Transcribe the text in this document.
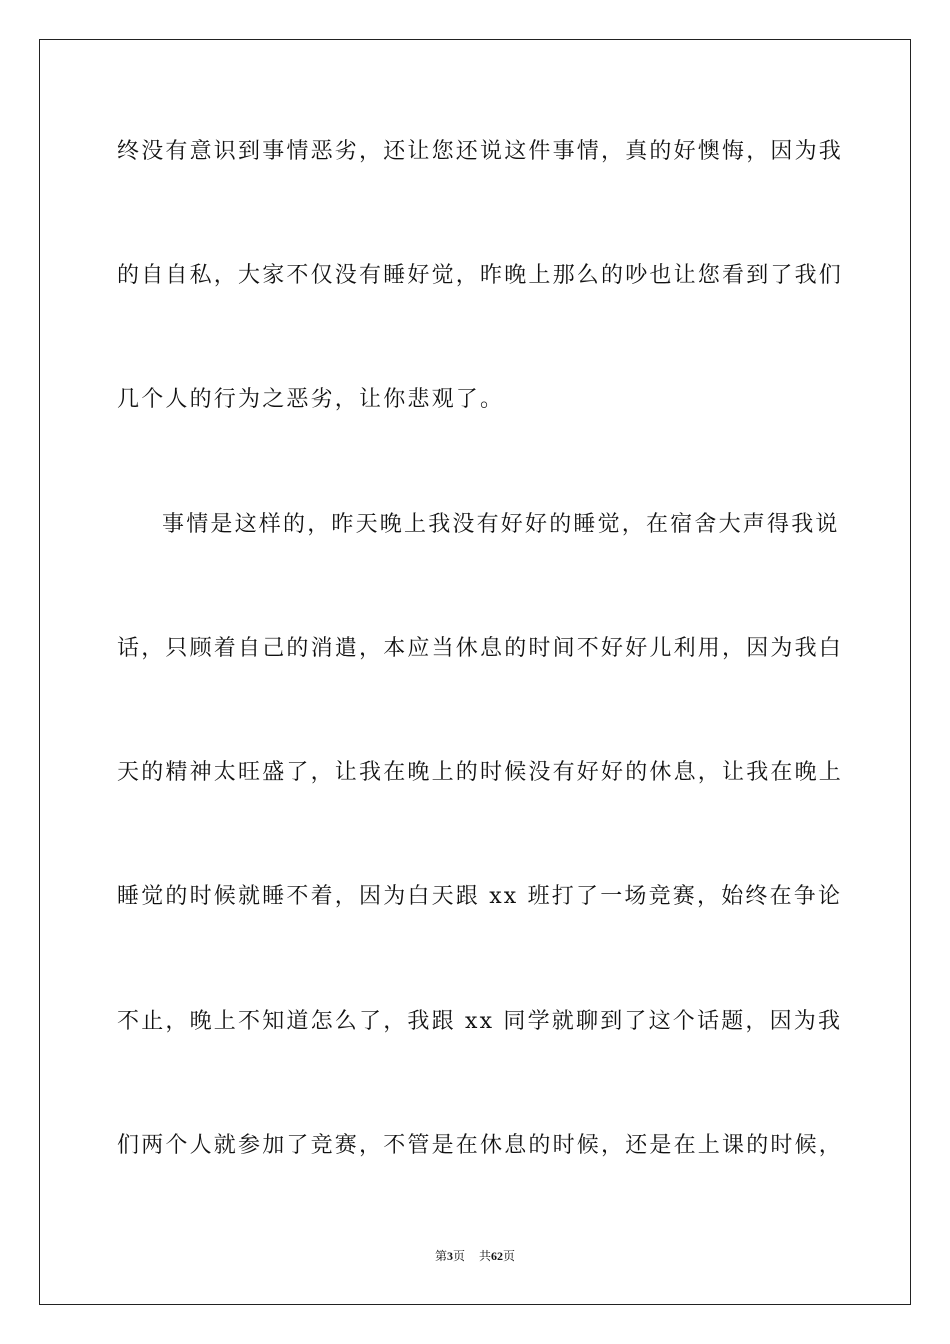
终没有意识到事情恶劣，还让您还说这件事情，真的好懊悔，因为我
的自自私，大家不仅没有睡好觉，昨晚上那么的吵也让您看到了我们
几个人的行为之恶劣，让你悲观了。
事情是这样的，昨天晚上我没有好好的睡觉，在宿舍大声得我说
话，只顾着自己的消遣，本应当休息的时间不好好儿利用，因为我白
天的精神太旺盛了，让我在晚上的时候没有好好的休息，让我在晚上
睡觉的时候就睡不着，因为白天跟 xx 班打了一场竞赛，始终在争论
不止，晚上不知道怎么了，我跟 xx 同学就聊到了这个话题，因为我
们两个人就参加了竞赛，不管是在休息的时候，还是在上课的时候，
第3页 共62页
